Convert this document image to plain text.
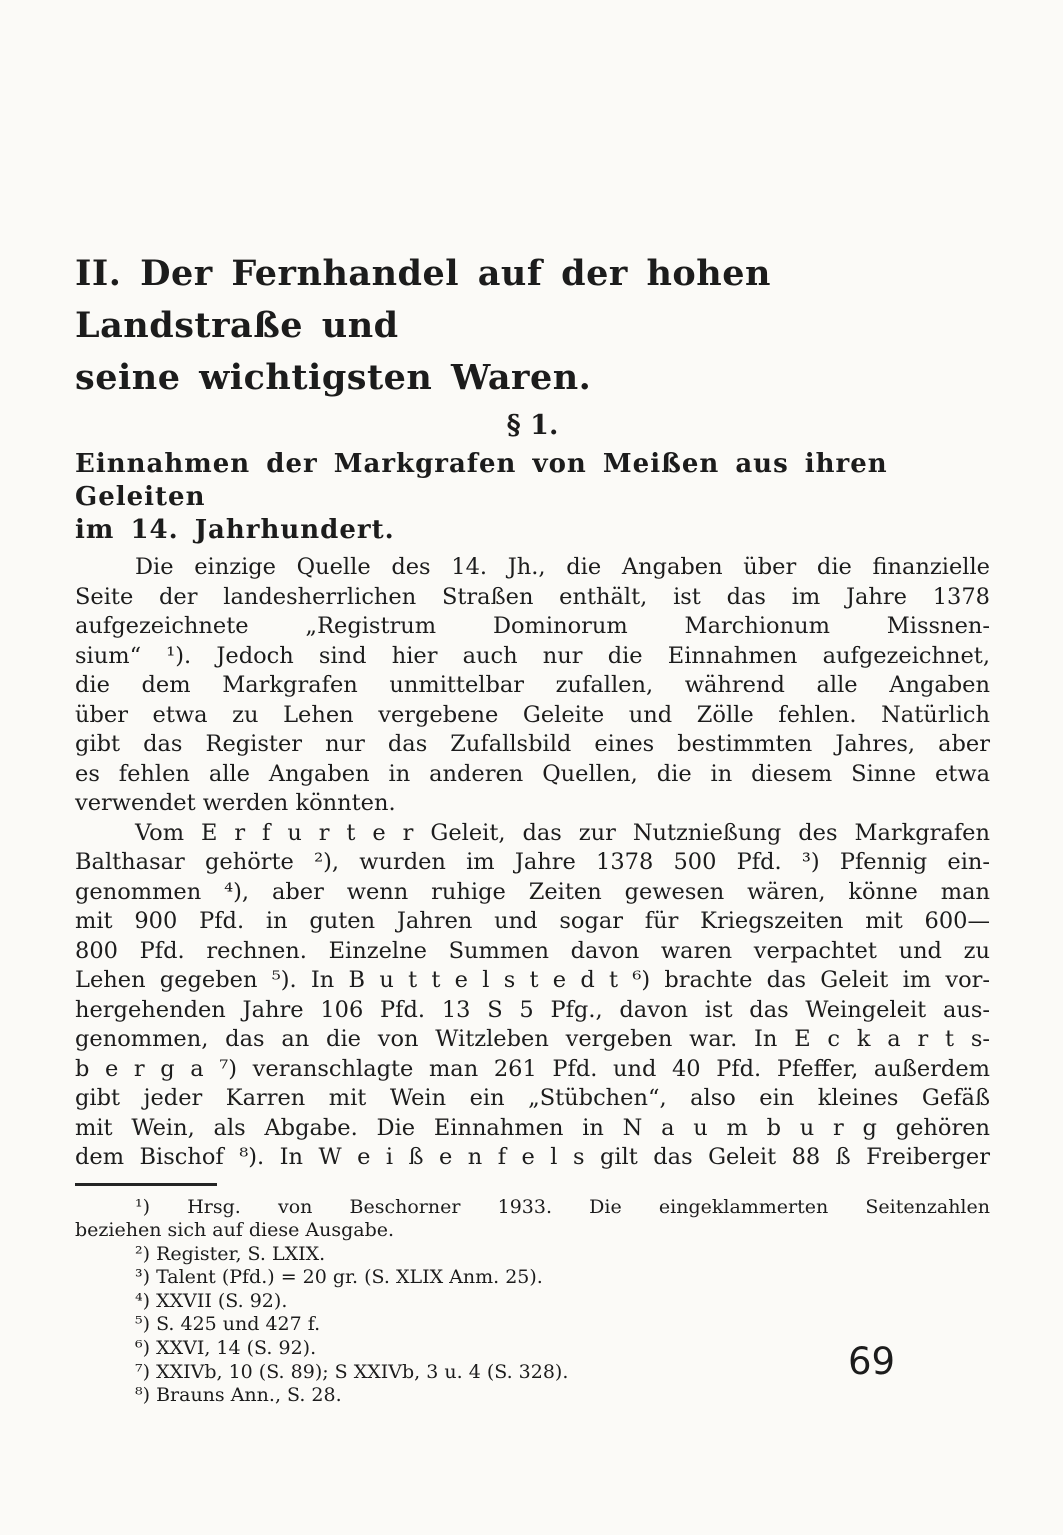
II. Der Fernhandel auf der hohen Landstraße und
seine wichtigsten Waren.
§ 1.
Einnahmen der Markgrafen von Meißen aus ihren Geleiten
im 14. Jahrhundert.
Die einzige Quelle des 14. Jh., die Angaben über die finanzielle
Seite der landesherrlichen Straßen enthält, ist das im Jahre 1378
aufgezeichnete „Registrum Dominorum Marchionum Missnen-
sium“ ¹). Jedoch sind hier auch nur die Einnahmen aufgezeichnet,
die dem Markgrafen unmittelbar zufallen, während alle Angaben
über etwa zu Lehen vergebene Geleite und Zölle fehlen. Natürlich
gibt das Register nur das Zufallsbild eines bestimmten Jahres, aber
es fehlen alle Angaben in anderen Quellen, die in diesem Sinne etwa
verwendet werden könnten.
Vom E r f u r t e r Geleit, das zur Nutznießung des Markgrafen
Balthasar gehörte ²), wurden im Jahre 1378 500 Pfd. ³) Pfennig ein-
genommen ⁴), aber wenn ruhige Zeiten gewesen wären, könne man
mit 900 Pfd. in guten Jahren und sogar für Kriegszeiten mit 600—
800 Pfd. rechnen. Einzelne Summen davon waren verpachtet und zu
Lehen gegeben ⁵). In B u t t e l s t e d t ⁶) brachte das Geleit im vor-
hergehenden Jahre 106 Pfd. 13 S 5 Pfg., davon ist das Weingeleit aus-
genommen, das an die von Witzleben vergeben war. In E c k a r t s-
b e r g a ⁷) veranschlagte man 261 Pfd. und 40 Pfd. Pfeffer, außerdem
gibt jeder Karren mit Wein ein „Stübchen“, also ein kleines Gefäß
mit Wein, als Abgabe. Die Einnahmen in N a u m b u r g gehören
dem Bischof ⁸). In W e i ß e n f e l s gilt das Geleit 88 ß Freiberger
¹) Hrsg. von Beschorner 1933. Die eingeklammerten Seitenzahlen
beziehen sich auf diese Ausgabe.
²) Register, S. LXIX.
³) Talent (Pfd.) = 20 gr. (S. XLIX Anm. 25).
⁴) XXVII (S. 92).
⁵) S. 425 und 427 f.
⁶) XXVI, 14 (S. 92).
⁷) XXIVb, 10 (S. 89); S XXIVb, 3 u. 4 (S. 328).
⁸) Brauns Ann., S. 28.
69
